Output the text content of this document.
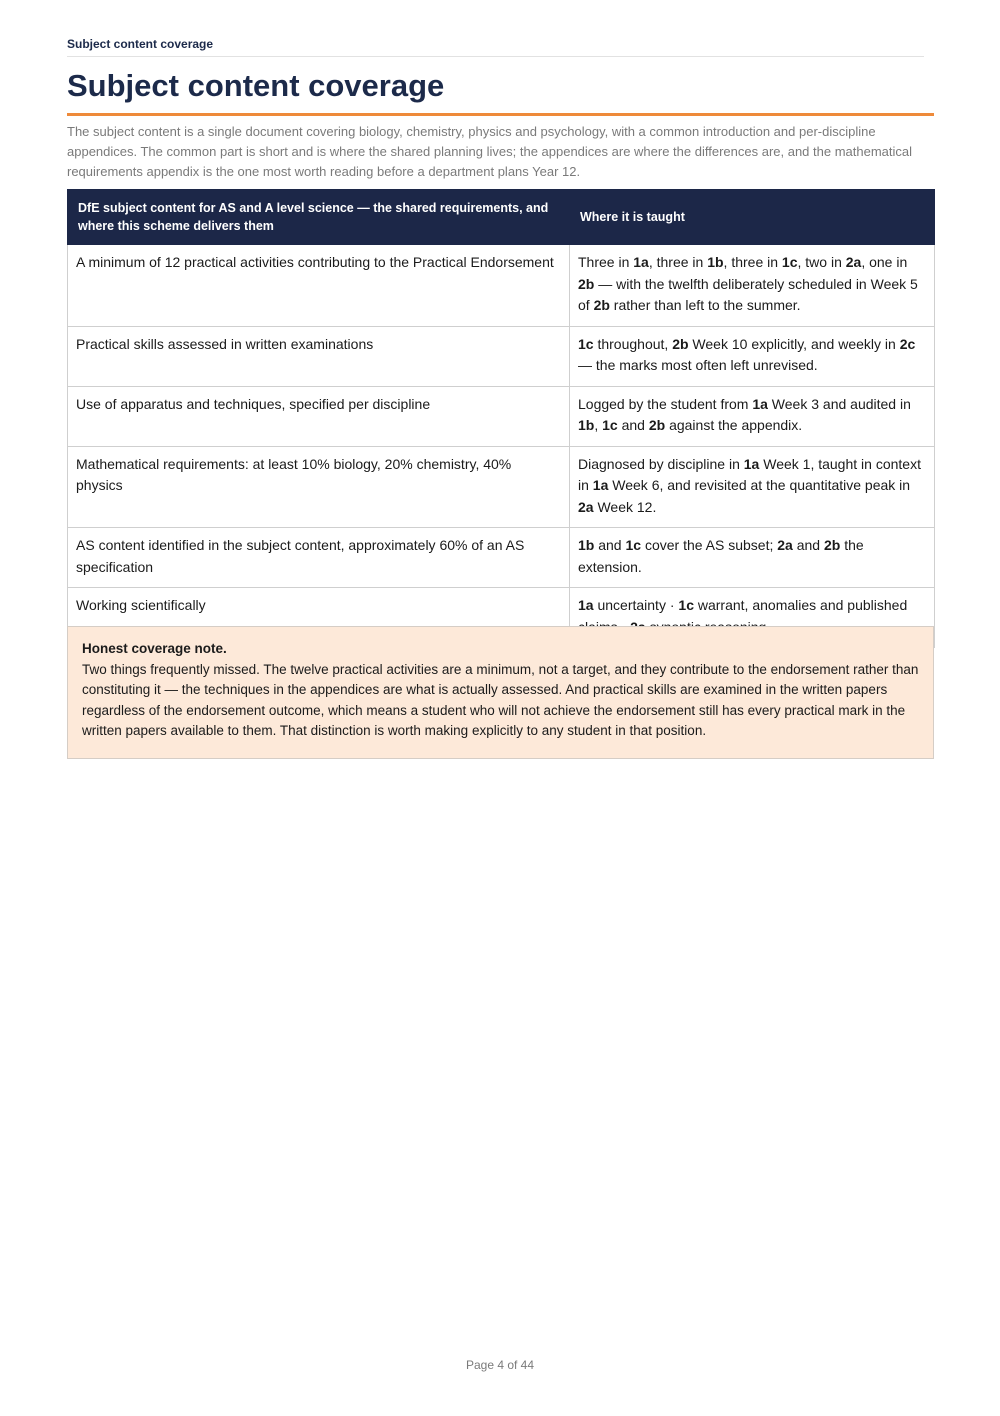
Subject content coverage
Subject content coverage

The subject content is a single document covering biology, chemistry, physics and psychology, with a common introduction and per-discipline appendices. The common part is short and is where the shared planning lives; the appendices are where the differences are, and the mathematical requirements appendix is the one most worth reading before a department plans Year 12.

DfE subject content for AS and A level science — the shared requirements, and where this scheme delivers them	Where it is taught
A minimum of 12 practical activities contributing to the Practical Endorsement	Three in 1a, three in 1b, three in 1c, two in 2a, one in 2b — with the twelfth deliberately scheduled in Week 5 of 2b rather than left to the summer.
Practical skills assessed in written examinations	1c throughout, 2b Week 10 explicitly, and weekly in 2c — the marks most often left unrevised.
Use of apparatus and techniques, specified per discipline	Logged by the student from 1a Week 3 and audited in 1b, 1c and 2b against the appendix.
Mathematical requirements: at least 10% biology, 20% chemistry, 40% physics	Diagnosed by discipline in 1a Week 1, taught in context in 1a Week 6, and revisited at the quantitative peak in 2a Week 12.
AS content identified in the subject content, approximately 60% of an AS specification	1b and 1c cover the AS subset; 2a and 2b the extension.
Working scientifically	1a uncertainty · 1c warrant, anomalies and published
Honest coverage note.
Two things frequently missed. The twelve practical activities are a minimum, not a target, and they contribute to the endorsement rather than constituting it — the techniques in the appendices are what is actually assessed. And practical skills are examined in the written papers regardless of the endorsement outcome, which means a student who will not achieve the endorsement still has every practical mark in the written papers available to them. That distinction is worth making explicitly to any student in that position.
Page 4 of 44
